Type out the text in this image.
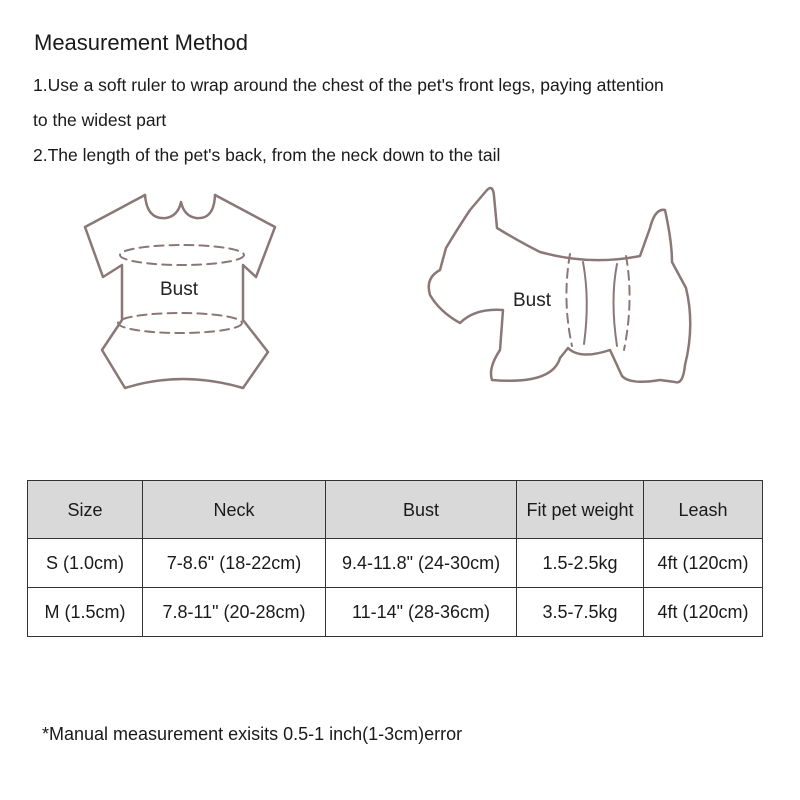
Measurement Method
1.Use a soft ruler to wrap around the chest of the pet's front legs, paying attention
to the widest part
2.The length of the pet's back, from the neck down to the tail
Bust
Bust
Size	Neck	Bust	Fit pet weight	Leash
S (1.0cm)	7-8.6" (18-22cm)	9.4-11.8" (24-30cm)	1.5-2.5kg	4ft (120cm)
M (1.5cm)	7.8-11" (20-28cm)	11-14" (28-36cm)	3.5-7.5kg	4ft (120cm)
*Manual measurement exisits 0.5-1 inch(1-3cm)error
